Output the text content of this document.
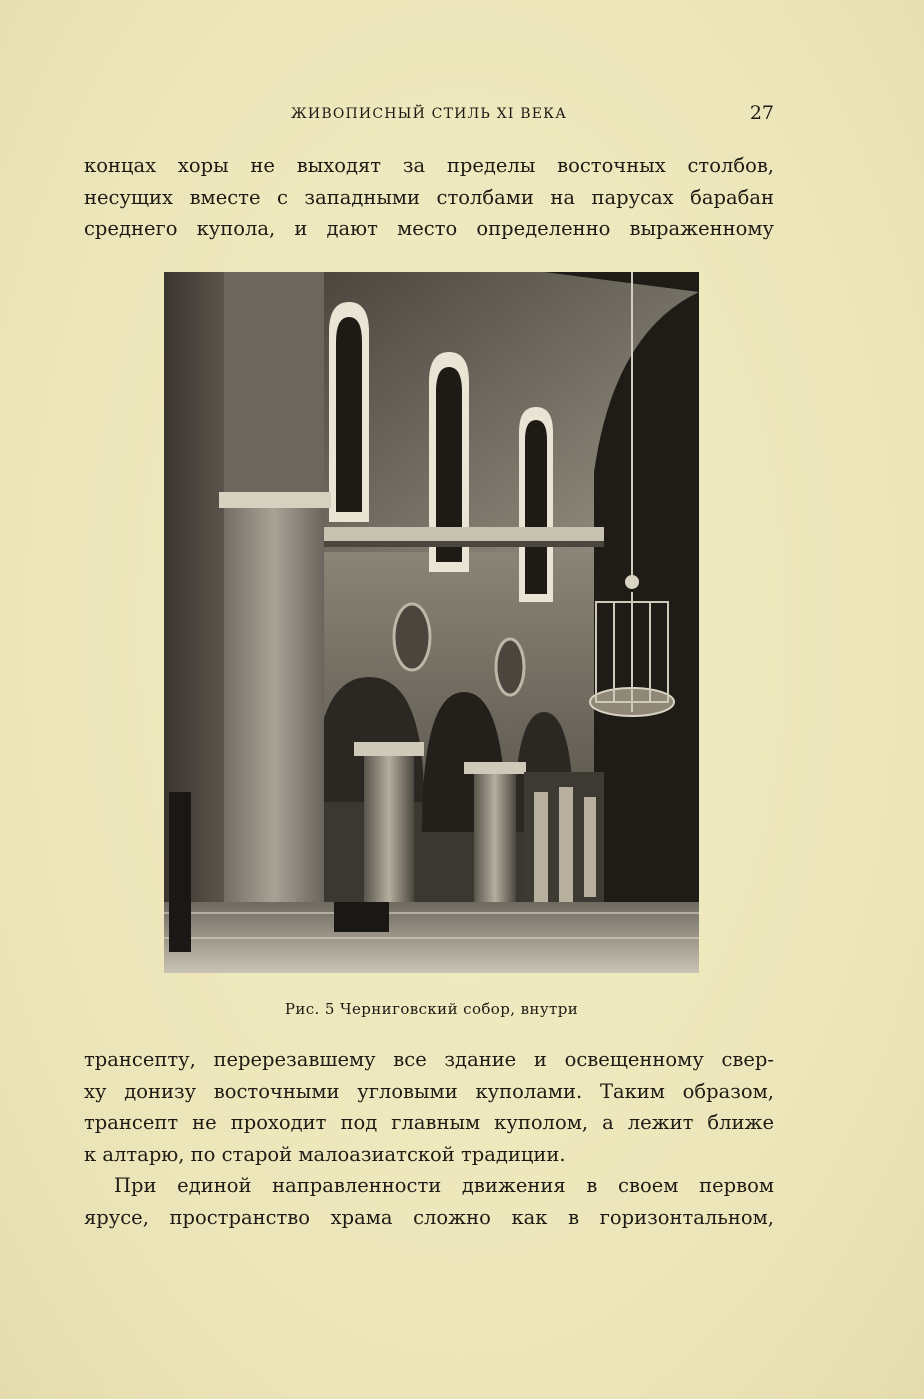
ЖИВОПИСНЫЙ СТИЛЬ XI ВЕКА	27
концах хоры не выходят за пределы восточных столбов,
несущих вместе с западными столбами на парусах барабан
среднего купола, и дают место определенно выраженному
Рис. 5 Черниговский собор, внутри
трансепту, перерезавшему все здание и освещенному свер-
ху донизу восточными угловыми куполами. Таким образом,
трансепт не проходит под главным куполом, а лежит ближе
к алтарю, по старой малоазиатской традиции.
При единой направленности движения в своем первом
ярусе, пространство храма сложно как в горизонтальном,
